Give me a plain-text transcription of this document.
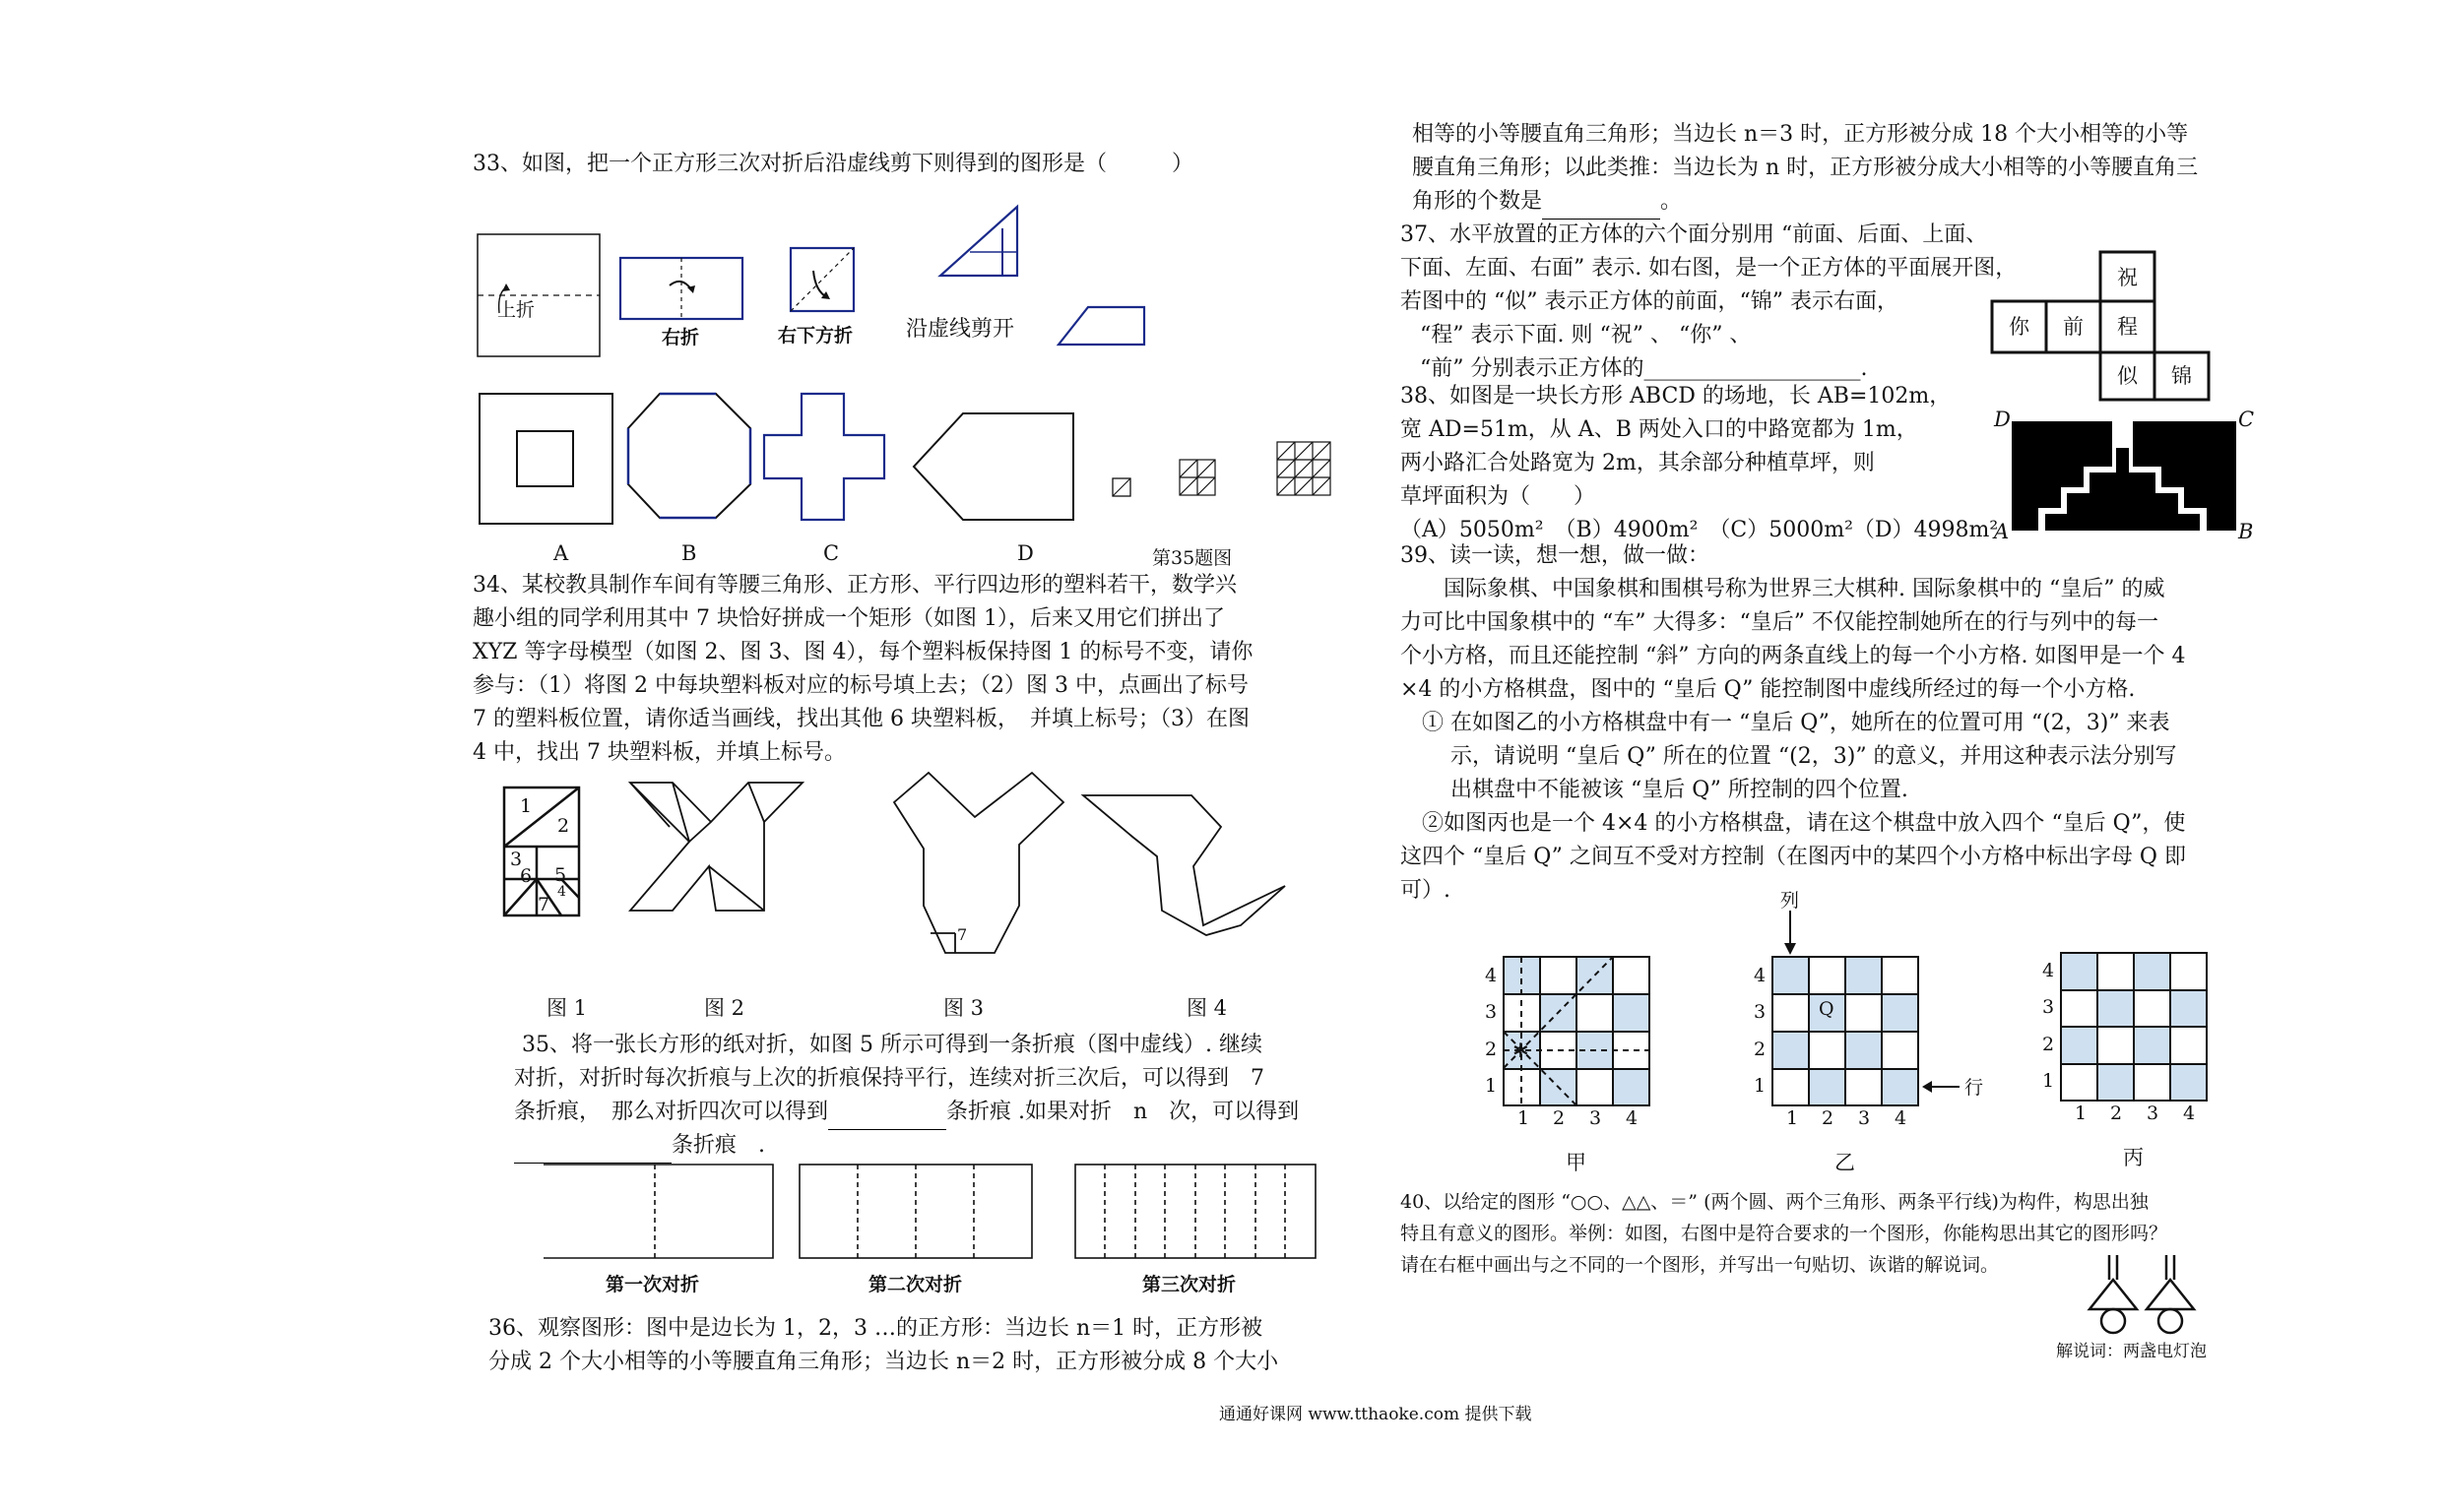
33、如图，把一个正方形三次对折后沿虚线剪下则得到的图形是（　　　）
上折
右折	右下方折 沿虚线剪开
A	B	C	D	第35题图
34、某校教具制作车间有等腰三角形、正方形、平行四边形的塑料若干，数学兴
趣小组的同学利用其中 7 块恰好拼成一个矩形（如图 1），后来又用它们拼出了
XYZ 等字母模型（如图 2、图 3、图 4），每个塑料板保持图 1 的标号不变，请你
参与：（1）将图 2 中每块塑料板对应的标号填上去；（2）图 3 中，点画出了标号
7 的塑料板位置，请你适当画线，找出其他 6 块塑料板，　并填上标号；（3）在图
4 中，找出 7 块塑料板，并填上标号。
1
2
3
5
6
4
7
7
图 1	图 2	图 3	图 4
35、将一张长方形的纸对折，如图 5 所示可得到一条折痕（图中虚线）. 继续
对折，对折时每次折痕与上次的折痕保持平行，连续对折三次后，可以得到　7
条折痕，　那么对折四次可以得到	条折痕 .如果对折　n　次，可以得到
条折痕　.
第一次对折	第二次对折	第三次对折
36、观察图形：图中是边长为 1，2，3 …的正方形：当边长 n＝1 时，正方形被
分成 2 个大小相等的小等腰直角三角形；当边长 n＝2 时，正方形被分成 8 个大小
相等的小等腰直角三角形；当边长 n＝3 时，正方形被分成 18 个大小相等的小等
腰直角三角形；以此类推：当边长为 n 时，正方形被分成大小相等的小等腰直角三
角形的个数是	。
37、水平放置的正方体的六个面分别用 “前面、后面、上面、
下面、左面、右面” 表示. 如右图，是一个正方体的平面展开图，
若图中的 “似” 表示正方体的前面，“锦” 表示右面，
“程” 表示下面. 则 “祝” 、 “你” 、
“前” 分别表示正方体的____________________.
祝
你 前 程
似 锦
38、如图是一块长方形 ABCD 的场地，长 AB=102m，
宽 AD=51m，从 A、B 两处入口的中路宽都为 1m，
两小路汇合处路宽为 2m，其余部分种植草坪，则
草坪面积为（　　）
（A）5050m²　（B）4900m²　（C）5000m²（D）4998m²
D	C
A	B
39、读一读，想一想，做一做：
　　国际象棋、中国象棋和围棋号称为世界三大棋种. 国际象棋中的 “皇后” 的威
力可比中国象棋中的 “车” 大得多：“皇后” 不仅能控制她所在的行与列中的每一
个小方格，而且还能控制 “斜” 方向的两条直线上的每一个小方格. 如图甲是一个 4
×4 的小方格棋盘，图中的 “皇后 Q” 能控制图中虚线所经过的每一个小方格.
　① 在如图乙的小方格棋盘中有一 “皇后 Q”，她所在的位置可用 “(2，3)” 来表
　　 示，请说明 “皇后 Q” 所在的位置 “(2，3)” 的意义，并用这种表示法分别写
　　 出棋盘中不能被该 “皇后 Q” 所控制的四个位置.
　②如图丙也是一个 4×4 的小方格棋盘，请在这个棋盘中放入四个 “皇后 Q”，使
这四个 “皇后 Q” 之间互不受对方控制（在图丙中的某四个小方格中标出字母 Q 即
可）.
✲
4
3
2
1
1 2 3 4
甲
列
行
Q
4
3
2
1
1 2 3 4
乙
4
3
2
1
1 2 3 4
丙
40、以给定的图形 “○○、△△、＝” (两个圆、两个三角形、两条平行线)为构件，构思出独
特且有意义的图形。举例：如图，右图中是符合要求的一个图形，你能构思出其它的图形吗？
请在右框中画出与之不同的一个图形，并写出一句贴切、诙谐的解说词。
解说词：两盏电灯泡
通通好课网 www.tthaoke.com 提供下载
